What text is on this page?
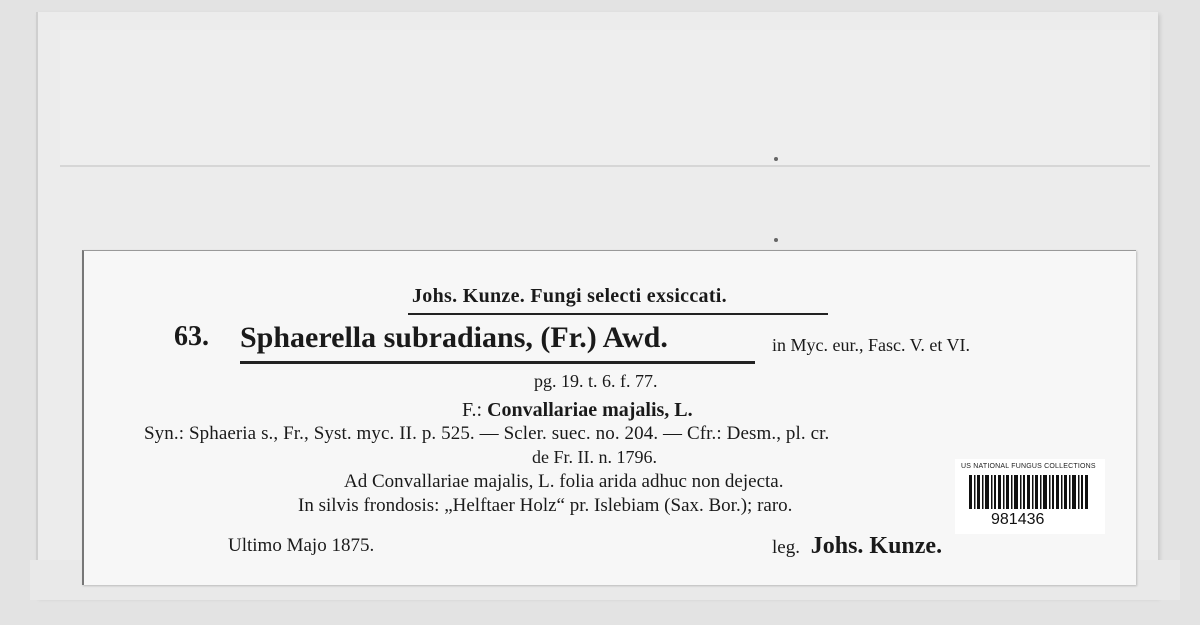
Johs. Kunze. Fungi selecti exsiccati.
63. Sphaerella subradians, (Fr.) Awd.	in Myc. eur., Fasc. V. et VI.
pg. 19. t. 6. f. 77.
F.: Convallariae majalis, L.
Syn.: Sphaeria s., Fr., Syst. myc. II. p. 525. — Scler. suec. no. 204. — Cfr.: Desm., pl. cr.
de Fr. II. n. 1796.
Ad Convallariae majalis, L. folia arida adhuc non dejecta.
In silvis frondosis: „Helftaer Holz“ pr. Islebiam (Sax. Bor.); raro.
Ultimo Majo 1875.	leg. Johs. Kunze.
US NATIONAL FUNGUS COLLECTIONS
981436
